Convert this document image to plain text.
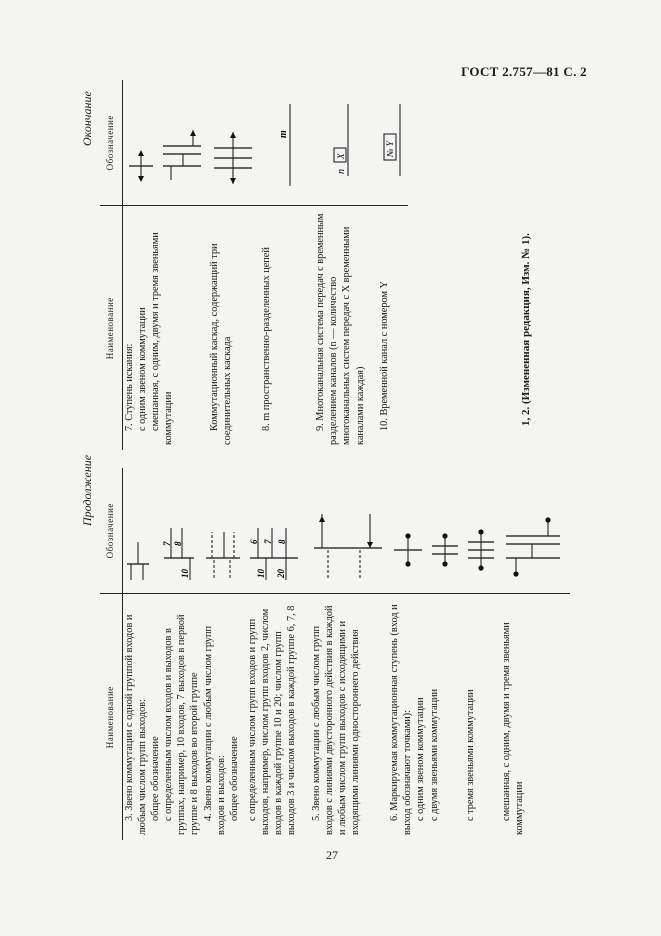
ГОСТ 2.757—81 С. 2
27
Продолжение
Наименование	Обозначение

3. Звено коммутации с одной группой входов и любым числом групп выходов: общее обозначение

с определенным числом входов и выходов в группах, например, 10 входов, 7 выходов в первой группе и 8 выходов во второй группе	10
7 8

4. Звено коммутации с любым числом групп входов и выходов: общее обозначение

с определенным числом групп входов и групп выходов, например, числом групп входов 2, числом входов в каждой группе 10 и 20; числом групп выходов 3 и числом выходов в каждой группе 6, 7, 8	10 20
6 7 8

5. Звено коммутации с любым числом групп входов с линиями двусторонного действия в каждой и любым числом групп выходов с исходящими и входящими линиями одностороннего действия

6. Маркируемая коммутационная ступень (вход и выход обозначают точками): с одним звеном коммутации

с двумя звеньями коммутации

с тремя звеньями коммутации

смешанная, с одним, двумя и тремя звеньями коммутации

Окончание
Наименование	Обозначение

7. Ступень искания: с одним звеном коммутации смешанная, с одним, двумя и тремя звеньями коммутации

Коммутационный каскад, содержащий три соединительных каскада

8. m пространственно-разделенных цепей	m

9. Многоканальная система передач с временным разделением каналов (n — количество многоканальных систем передач с X временными каналами каждая)	n
X

10. Временной канал с номером Y	№ Y
1, 2. (Измененная редакция, Изм. № 1).
